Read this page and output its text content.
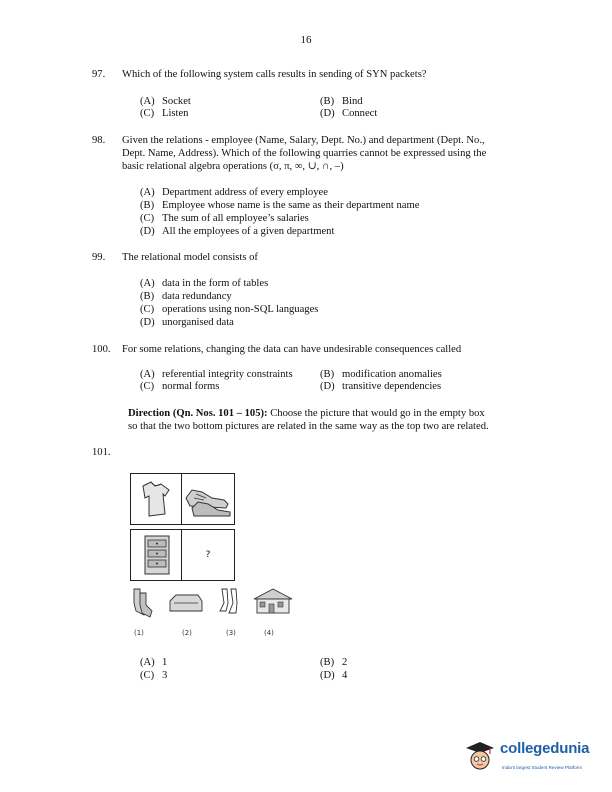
16
97. Which of the following system calls results in sending of SYN packets?
(A) Socket	(B) Bind
(C) Listen	(D) Connect
98. Given the relations - employee (Name, Salary, Dept. No.) and department (Dept. No.,
Dept. Name, Address). Which of the following quarries cannot be expressed using the
basic relational algebra operations (σ, π, ∞, ∪, ∩, –)
(A) Department address of every employee
(B) Employee whose name is the same as their department name
(C) The sum of all employee’s salaries
(D) All the employees of a given department
99. The relational model consists of
(A) data in the form of tables
(B) data redundancy
(C) operations using non-SQL languages
(D) unorganised data
100. For some relations, changing the data can have undesirable consequences called
(A) referential integrity constraints	(B) modification anomalies
(C) normal forms	(D) transitive dependencies
Direction (Qn. Nos. 101 – 105): Choose the picture that would go in the empty box
so that the two bottom pictures are related in the same way as the top two are related.
101.
?
(1)	(2)	(3)	(4)
(A) 1	(B) 2
(C) 3	(D) 4
collegedunia
India's largest Student Review Platform
